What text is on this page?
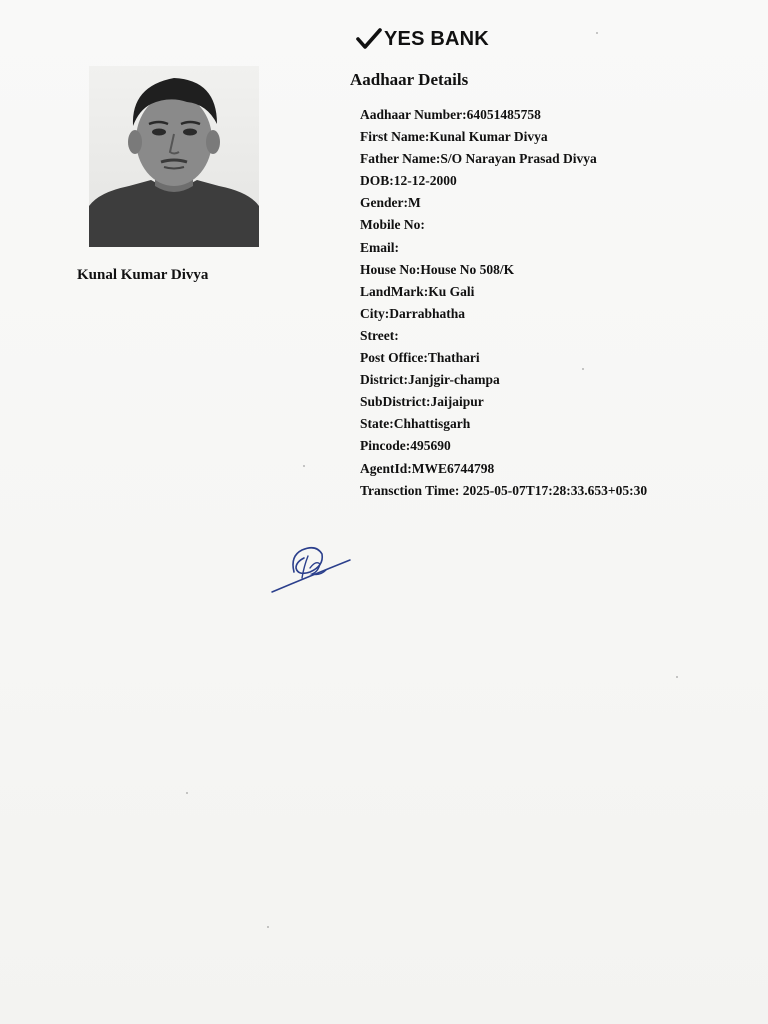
YES BANK
Aadhaar Details

Kunal Kumar Divya

Aadhaar Number:64051485758
First Name:Kunal Kumar Divya
Father Name:S/O Narayan Prasad Divya
DOB:12-12-2000
Gender:M
Mobile No:
Email:
House No:House No 508/K
LandMark:Ku Gali
City:Darrabhatha
Street:
Post Office:Thathari
District:Janjgir-champa
SubDistrict:Jaijaipur
State:Chhattisgarh
Pincode:495690
AgentId:MWE6744798
Transction Time: 2025-05-07T17:28:33.653+05:30
